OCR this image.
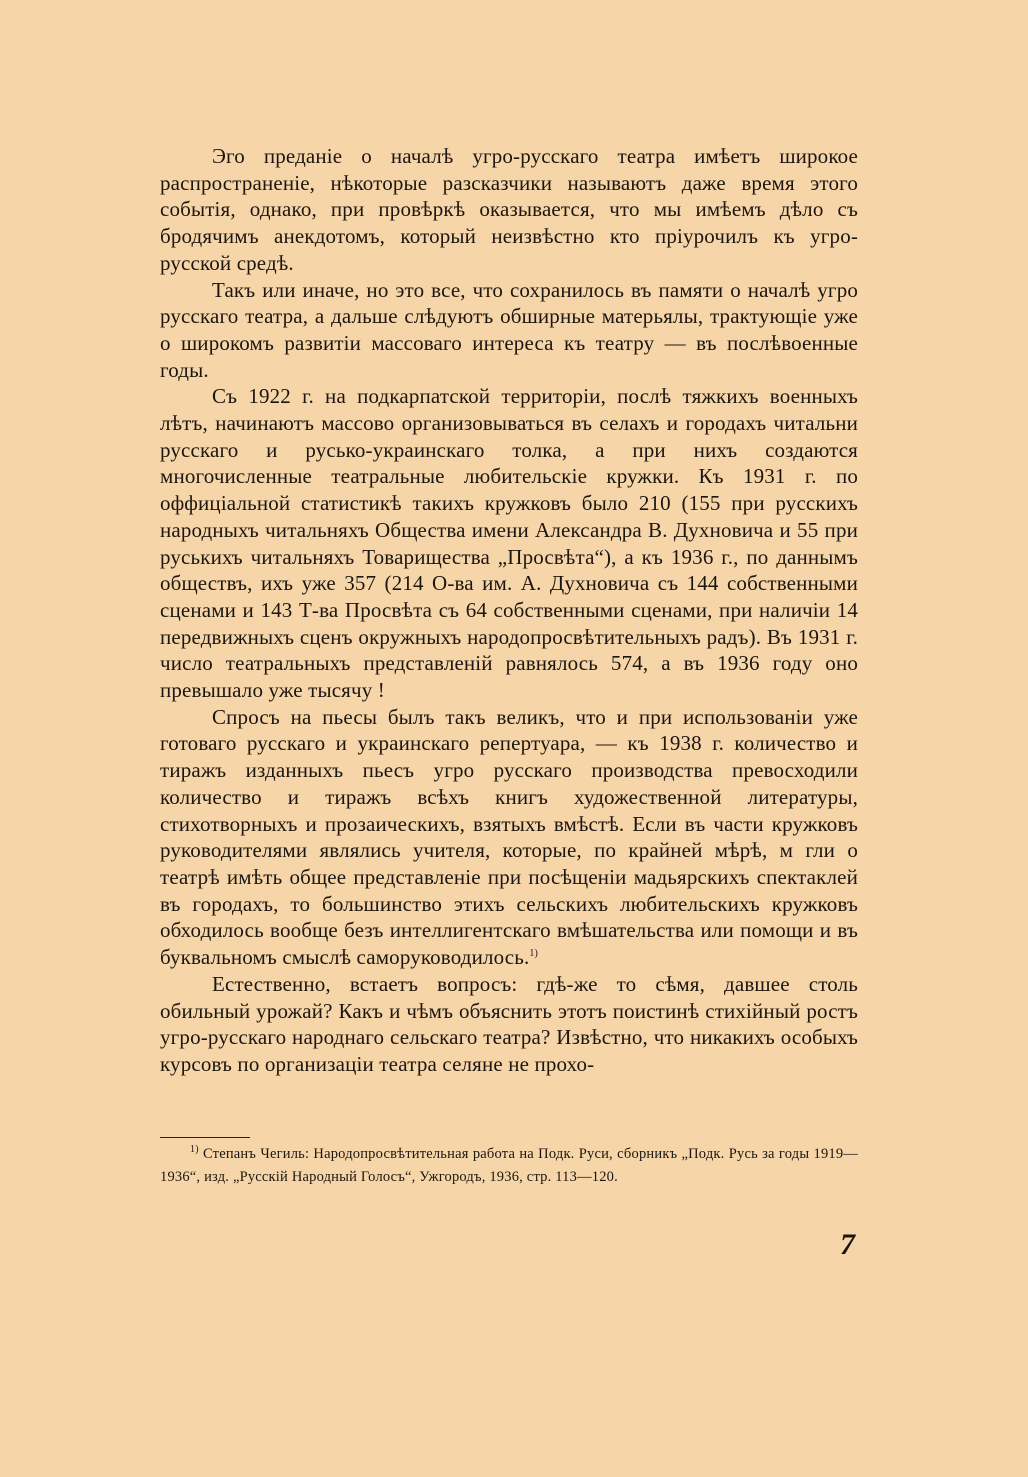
Эго преданіе о началѣ угро-русскаго театра имѣетъ широкое распространеніе, нѣкоторые разсказчики называютъ даже время этого событія, однако, при провѣркѣ оказывается, что мы имѣемъ дѣло съ бродячимъ анекдотомъ, который неизвѣстно кто пріурочилъ къ угро-русской средѣ.

Такъ или иначе, но это все, что сохранилось въ памяти о началѣ угро русскаго театра, а дальше слѣдуютъ обширные матерьялы, трактующіе уже о широкомъ развитіи массоваго интереса къ театру — въ послѣвоенные годы.

Съ 1922 г. на подкарпатской территоріи, послѣ тяжкихъ военныхъ лѣтъ, начинаютъ массово организовываться въ селахъ и городахъ читальни русскаго и русько-украинскаго толка, а при нихъ создаются многочисленные театральные любительскіе кружки. Къ 1931 г. по оффиціальной статистикѣ такихъ кружковъ было 210 (155 при русскихъ народныхъ читальняхъ Общества имени Александра В. Духновича и 55 при руськихъ читальняхъ Товарищества „Просвѣта“), а къ 1936 г., по даннымъ обществъ, ихъ уже 357 (214 О-ва им. А. Духновича съ 144 собственными сценами и 143 Т-ва Просвѣта съ 64 собственными сценами, при наличіи 14 передвижныхъ сценъ окружныхъ народопросвѣтительныхъ радъ). Въ 1931 г. число театральныхъ представленій равнялось 574, а въ 1936 году оно превышало уже тысячу !

Спросъ на пьесы былъ такъ великъ, что и при использованіи уже готоваго русскаго и украинскаго репертуара, — къ 1938 г. количество и тиражъ изданныхъ пьесъ угро русскаго производства превосходили количество и тиражъ всѣхъ книгъ художественной литературы, стихотворныхъ и прозаическихъ, взятыхъ вмѣстѣ. Если въ части кружковъ руководителями являлись учителя, которые, по крайней мѣрѣ, м гли о театрѣ имѣть общее представленіе при посѣщеніи мадьярскихъ спектаклей въ городахъ, то большинство этихъ сельскихъ любительскихъ кружковъ обходилось вообще безъ интеллигентскаго вмѣшательства или помощи и въ буквальномъ смыслѣ саморуководилось.$^{1)}$

Естественно, встаетъ вопросъ: гдѣ-же то сѣмя, давшее столь обильный урожай? Какъ и чѣмъ объяснить этотъ поистинѣ стихійный ростъ угро-русскаго народнаго сельскаго театра? Извѣстно, что никакихъ особыхъ курсовъ по организаціи театра селяне не прохо-

$^{1)}$ Степанъ Чегиль: Народопросвѣтительная работа на Подк. Руси, сборникъ „Подк. Русь за годы 1919—1936“, изд. „Русскій Народный Голосъ“, Ужгородъ, 1936, стр. 113—120.

7
